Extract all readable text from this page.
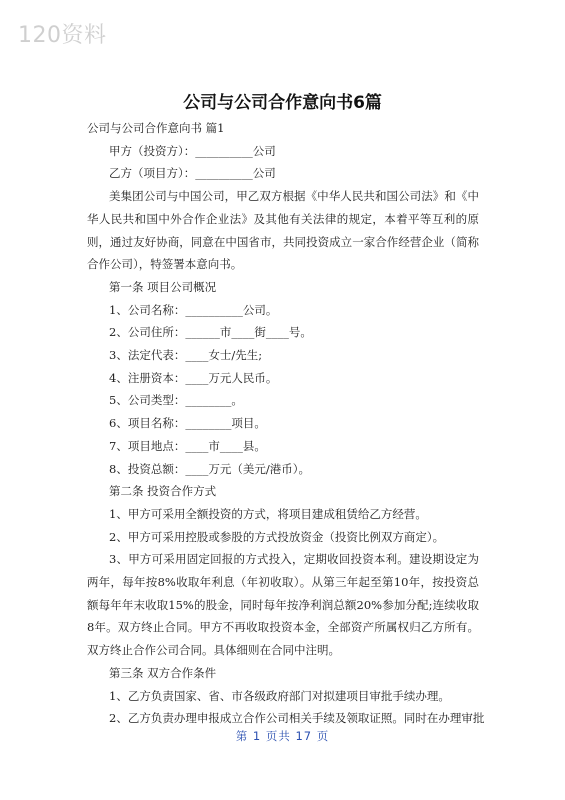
120资料
公司与公司合作意向书6篇

公司与公司合作意向书 篇1

甲方（投资方）：__________公司

乙方（项目方）：__________公司

美集团公司与中国公司，甲乙双方根据《中华人民共和国公司法》和《中华人民共和国中外合作企业法》及其他有关法律的规定，本着平等互利的原则，通过友好协商，同意在中国省市，共同投资成立一家合作经营企业（简称合作公司），特签署本意向书。

第一条 项目公司概况

1、公司名称：__________公司。

2、公司住所：______市____街____号。

3、法定代表：____女士/先生;

4、注册资本：____万元人民币。

5、公司类型：________。

6、项目名称：________项目。

7、项目地点：____市____县。

8、投资总额：____万元（美元/港币）。

第二条 投资合作方式

1、甲方可采用全额投资的方式，将项目建成租赁给乙方经营。

2、甲方可采用控股或参股的方式投放资金（投资比例双方商定）。

3、甲方可采用固定回报的方式投入，定期收回投资本利。建设期设定为两年，每年按8%收取年利息（年初收取）。从第三年起至第10年，按投资总额每年年末收取15%的股金，同时每年按净利润总额20%参加分配;连续收取8年。双方终止合同。甲方不再收取投资本金，全部资产所属权归乙方所有。双方终止合作公司合同。具体细则在合同中注明。

第三条 双方合作条件

1、乙方负责国家、省、市各级政府部门对拟建项目审批手续办理。

2、乙方负责办理申报成立合作公司相关手续及领取证照。同时在办理审批

第 1 页共 17 页
